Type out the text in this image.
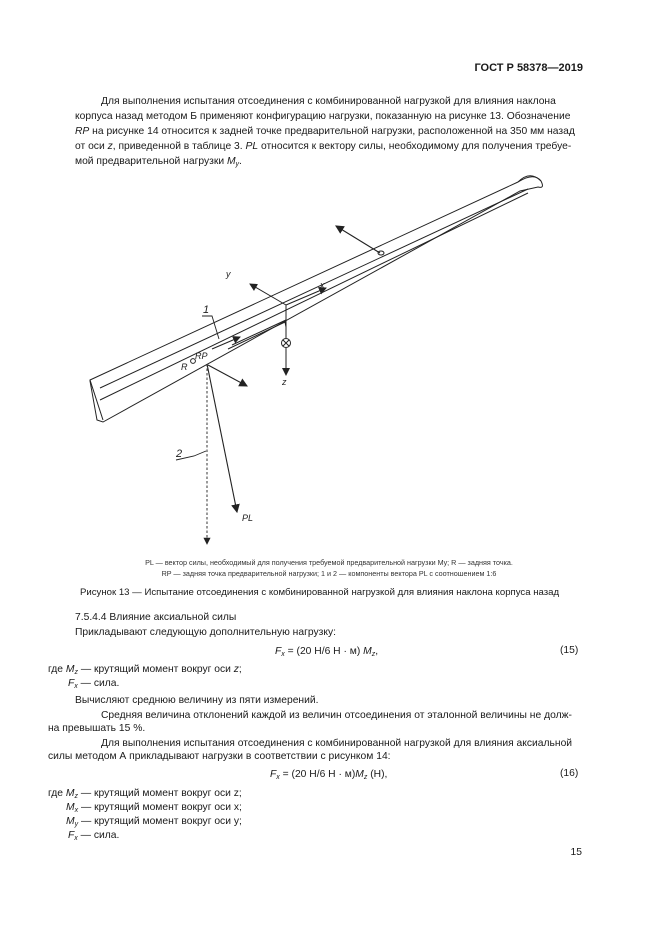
ГОСТ Р 58378—2019
Для выполнения испытания отсоединения с комбинированной нагрузкой для влияния наклона
корпуса назад методом Б применяют конфигурацию нагрузки, показанную на рисунке 13. Обозначение
RP на рисунке 14 относится к задней точке предварительной нагрузки, расположенной на 350 мм назад
от оси z, приведенной в таблице 3. PL относится к вектору силы, необходимому для получения требуе-
мой предварительной нагрузки $M_y$.
y
x
z
1
2
R
RP
PL
PL — вектор силы, необходимый для получения требуемой предварительной нагрузки My; R — задняя точка.
RP — задняя точка предварительной нагрузки; 1 и 2 — компоненты вектора PL с соотношением 1:6
Рисунок 13 — Испытание отсоединения с комбинированной нагрузкой для влияния наклона корпуса назад
7.5.4.4 Влияние аксиальной силы
Прикладывают следующую дополнительную нагрузку:
$F_x = (20$ Н/6 Н · м) $M_z$,	(15)
где $M_z$ — крутящий момент вокруг оси z;
$F_x$ — сила.
Вычисляют среднюю величину из пяти измерений.
Средняя величина отклонений каждой из величин отсоединения от эталонной величины не долж-
на превышать 15 %.
Для выполнения испытания отсоединения с комбинированной нагрузкой для влияния аксиальной
силы методом А прикладывают нагрузки в соответствии с рисунком 14:
$F_x = (20$ Н/6 $Н \cdot м)M_z$ (Н),	(16)
где $M_z$ — крутящий момент вокруг оси z;
$M_x$ — крутящий момент вокруг оси x;
$M_y$ — крутящий момент вокруг оси y;
$F_x$ — сила.
15
